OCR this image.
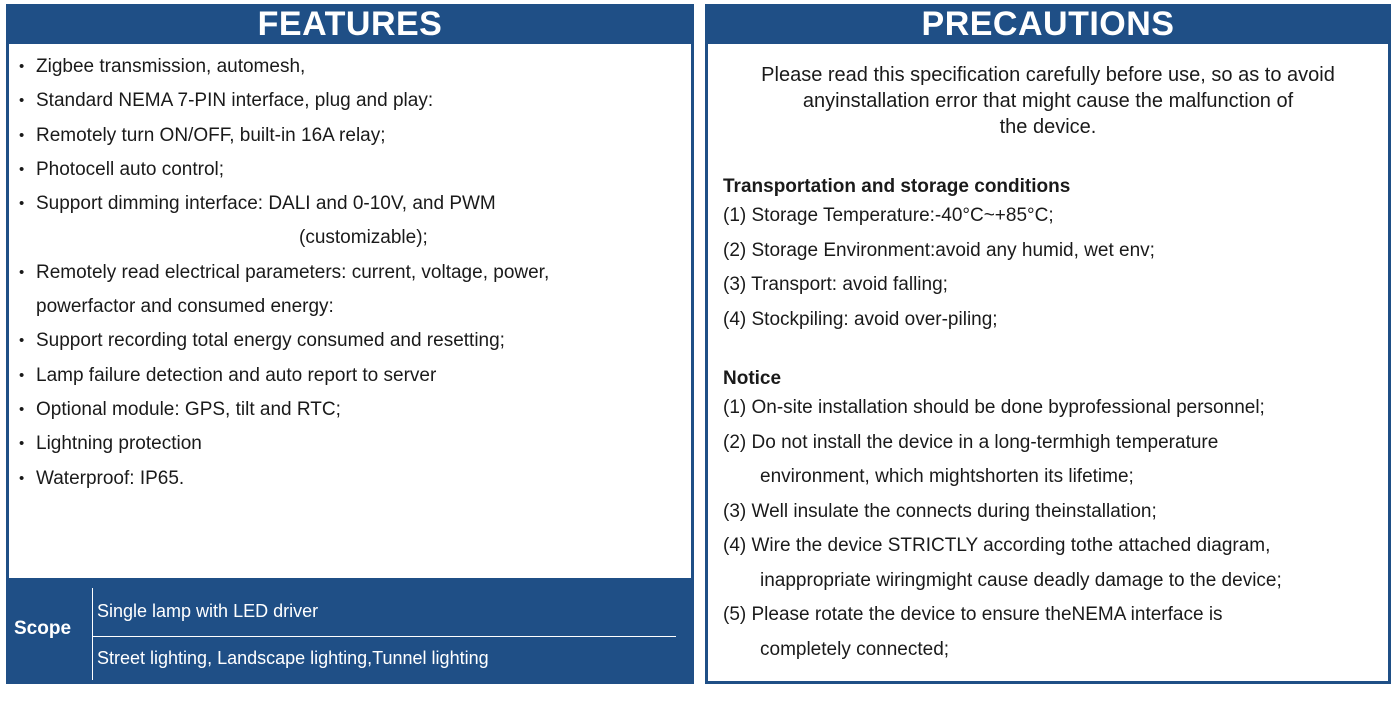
FEATURES
• Zigbee transmission, automesh,
• Standard NEMA 7-PIN interface, plug and play:
• Remotely turn ON/OFF, built-in 16A relay;
• Photocell auto control;
• Support dimming interface: DALI and 0-10V, and PWM
(customizable);
• Remotely read electrical parameters: current, voltage, power,
powerfactor and consumed energy:
• Support recording total energy consumed and resetting;
• Lamp failure detection and auto report to server
• Optional module: GPS, tilt and RTC;
• Lightning protection
• Waterproof: IP65.
Scope
Single lamp with LED driver
Street lighting, Landscape lighting,Tunnel lighting
PRECAUTIONS
Please read this specification carefully before use, so as to avoid
anyinstallation error that might cause the malfunction of
the device.
Transportation and storage conditions
(1) Storage Temperature:-40°C~+85°C;
(2) Storage Environment:avoid any humid, wet env;
(3) Transport: avoid falling;
(4) Stockpiling: avoid over-piling;
Notice
(1) On-site installation should be done byprofessional personnel;
(2) Do not install the device in a long-termhigh temperature
environment, which mightshorten its lifetime;
(3) Well insulate the connects during theinstallation;
(4) Wire the device STRICTLY according tothe attached diagram,
inappropriate wiringmight cause deadly damage to the device;
(5) Please rotate the device to ensure theNEMA interface is
completely connected;
